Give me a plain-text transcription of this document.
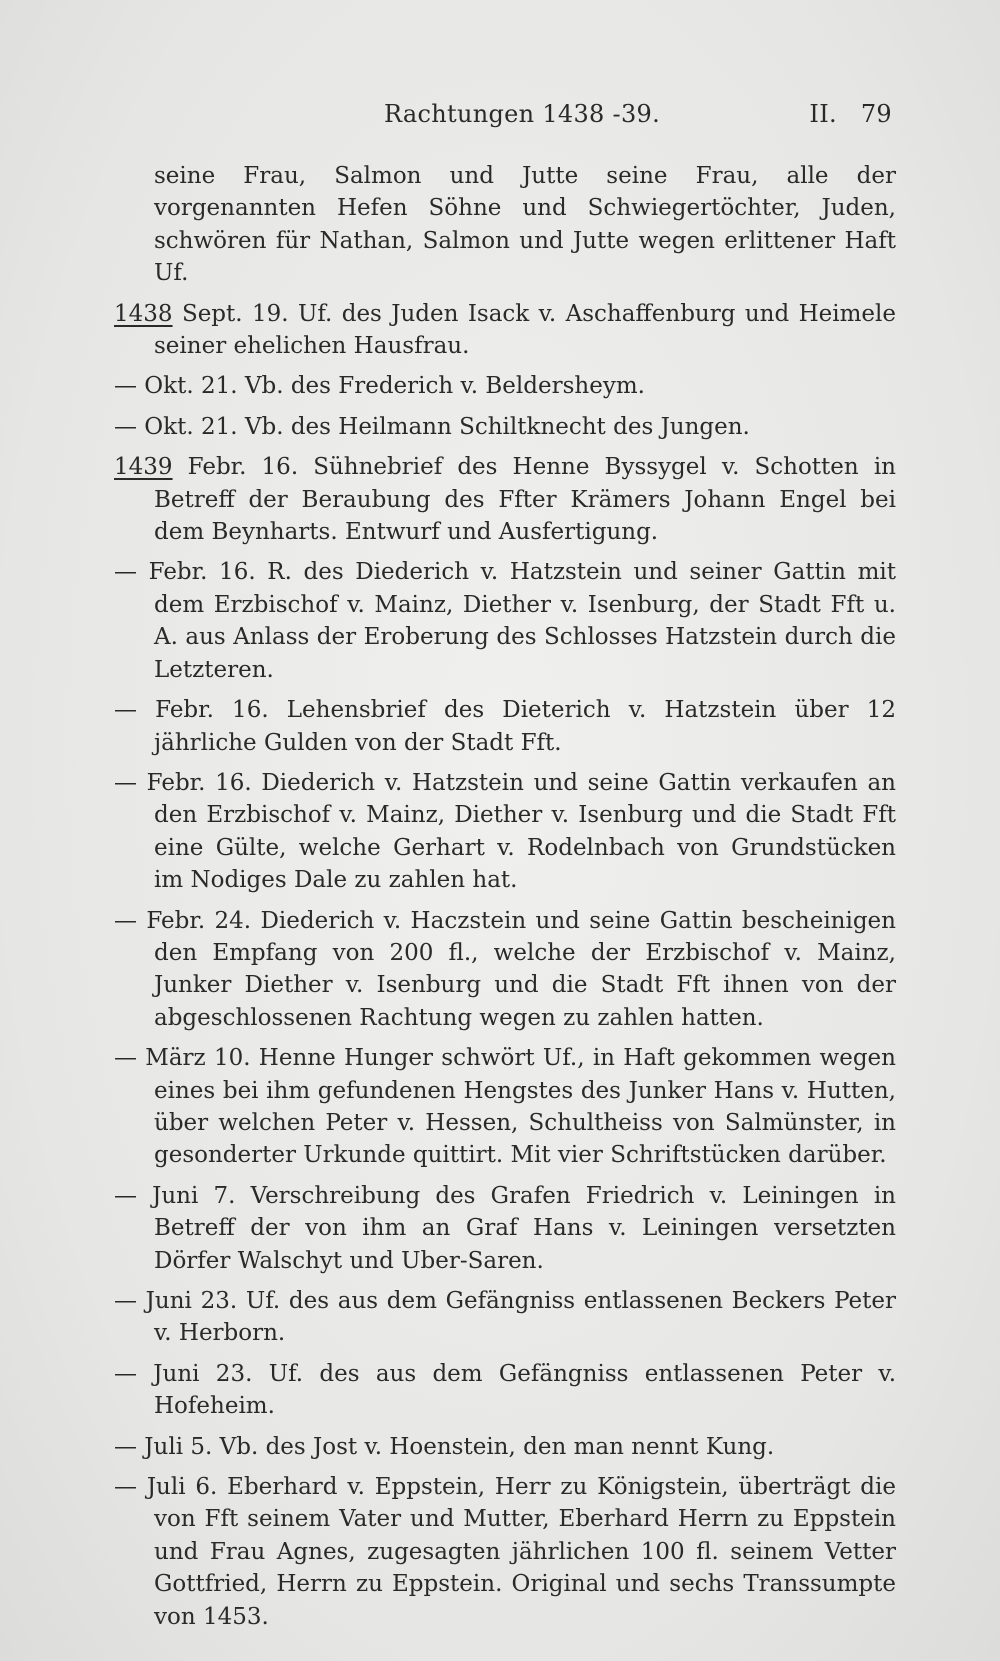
Rachtungen 1438 ‑39.	II. 79

seine Frau, Salmon und Jutte seine Frau, alle der vorgenannten Hefen Söhne und Schwiegertöchter, Juden, schwören für Nathan, Salmon und Jutte wegen erlittener Haft Uf.

1438 Sept. 19. Uf. des Juden Isack v. Aschaffenburg und Heimele seiner ehelichen Hausfrau.

— Okt. 21. Vb. des Frederich v. Beldersheym.

— Okt. 21. Vb. des Heilmann Schiltknecht des Jungen.

1439 Febr. 16. Sühnebrief des Henne Byssygel v. Schotten in Betreff der Beraubung des Ffter Krämers Johann Engel bei dem Beynharts. Entwurf und Ausfertigung.

— Febr. 16. R. des Diederich v. Hatzstein und seiner Gattin mit dem Erzbischof v. Mainz, Diether v. Isenburg, der Stadt Fft u. A. aus Anlass der Eroberung des Schlosses Hatzstein durch die Letzteren.

— Febr. 16. Lehensbrief des Dieterich v. Hatzstein über 12 jährliche Gulden von der Stadt Fft.

— Febr. 16. Diederich v. Hatzstein und seine Gattin verkaufen an den Erzbischof v. Mainz, Diether v. Isenburg und die Stadt Fft eine Gülte, welche Gerhart v. Rodelnbach von Grundstücken im Nodiges Dale zu zahlen hat.

— Febr. 24. Diederich v. Haczstein und seine Gattin bescheinigen den Empfang von 200 fl., welche der Erzbischof v. Mainz, Junker Diether v. Isenburg und die Stadt Fft ihnen von der abgeschlossenen Rachtung wegen zu zahlen hatten.

— März 10. Henne Hunger schwört Uf., in Haft gekommen wegen eines bei ihm gefundenen Hengstes des Junker Hans v. Hutten, über welchen Peter v. Hessen, Schultheiss von Salmünster, in gesonderter Urkunde quittirt. Mit vier Schriftstücken darüber.

— Juni 7. Verschreibung des Grafen Friedrich v. Leiningen in Betreff der von ihm an Graf Hans v. Leiningen versetzten Dörfer Walschyt und Uber-Saren.

— Juni 23. Uf. des aus dem Gefängniss entlassenen Beckers Peter v. Herborn.

— Juni 23. Uf. des aus dem Gefängniss entlassenen Peter v. Hofeheim.

— Juli 5. Vb. des Jost v. Hoenstein, den man nennt Kung.

— Juli 6. Eberhard v. Eppstein, Herr zu Königstein, überträgt die von Fft seinem Vater und Mutter, Eberhard Herrn zu Eppstein und Frau Agnes, zugesagten jährlichen 100 fl. seinem Vetter Gottfried, Herrn zu Eppstein. Original und sechs Transsumpte von 1453.
